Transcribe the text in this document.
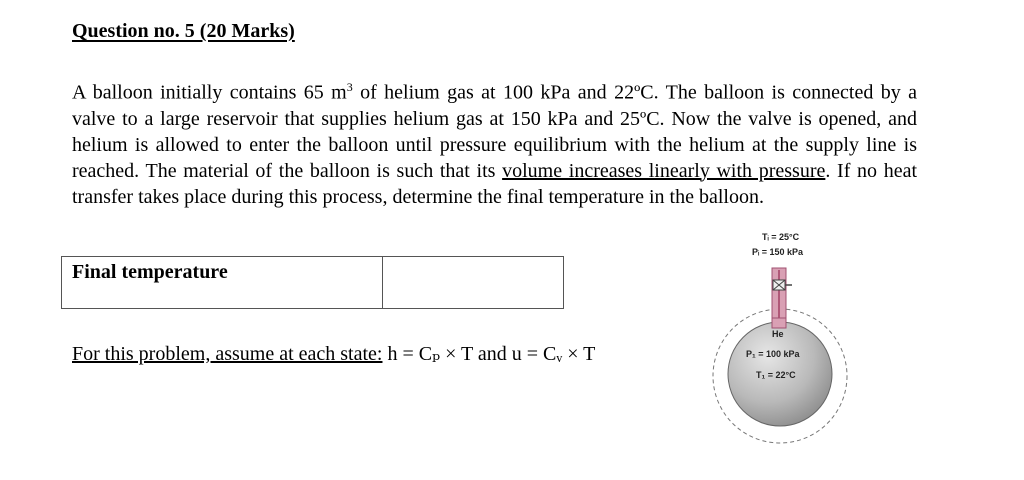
Question no. 5 (20 Marks)

A balloon initially contains 65 $m^3$ of helium gas at 100 kPa and 22ºC. The balloon is connected by a valve to a large reservoir that supplies helium gas at 150 kPa and 25ºC. Now the valve is opened, and helium is allowed to enter the balloon until pressure equilibrium with the helium at the supply line is reached. The material of the balloon is such that its volume increases linearly with pressure. If no heat transfer takes place during this process, determine the final temperature in the balloon.

Final temperature	
For this problem, assume at each state: h = Cₚ × T and u = Cᵥ × T
Tᵢ = 25°C
Pᵢ = 150 kPa
He
P₁ = 100 kPa
T₁ = 22°C
